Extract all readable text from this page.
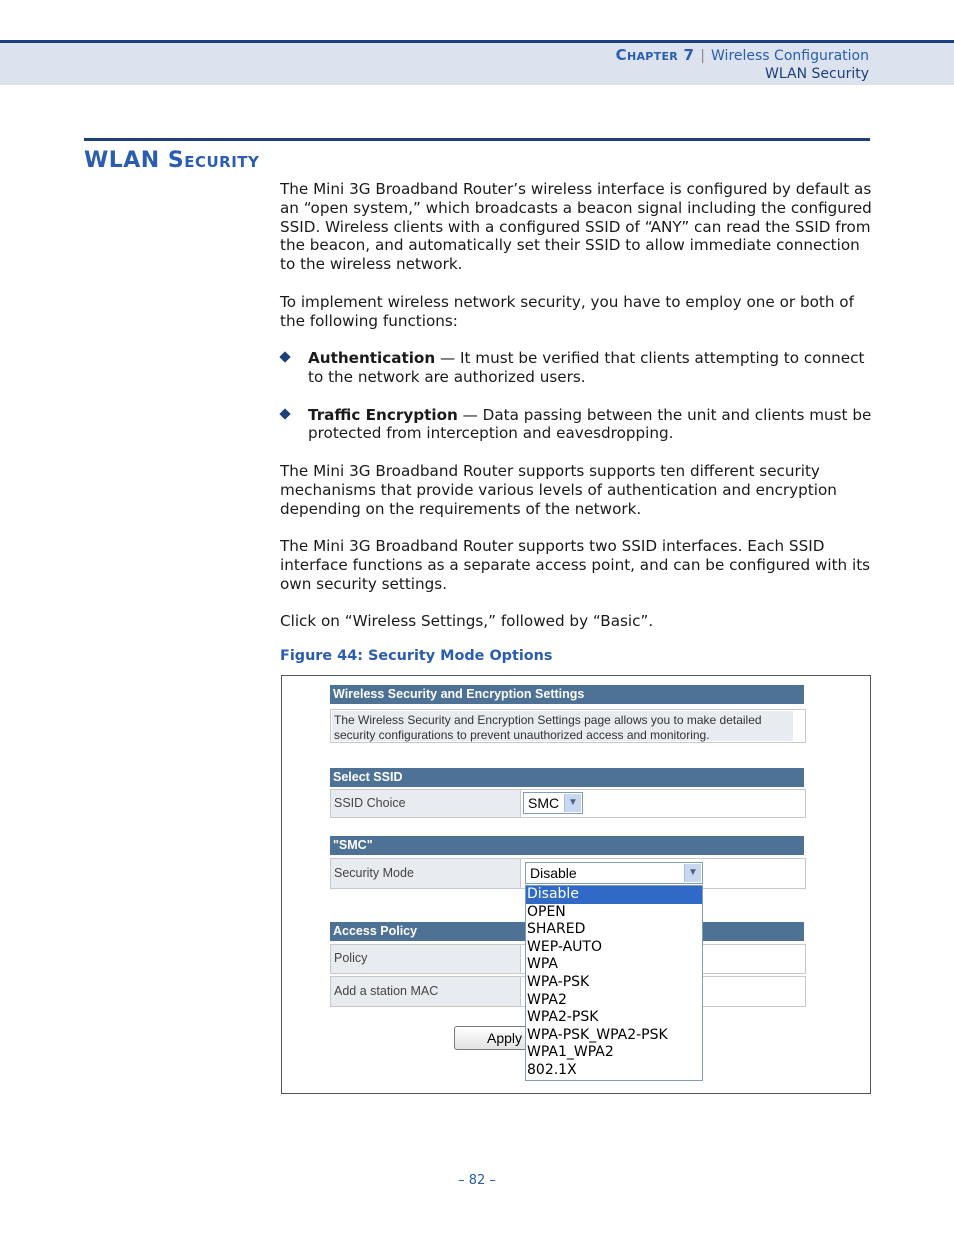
Chapter 7 | Wireless Configuration
WLAN Security
WLAN Security

The Mini 3G Broadband Router’s wireless interface is configured by default as an “open system,” which broadcasts a beacon signal including the configured SSID. Wireless clients with a configured SSID of “ANY” can read the SSID from the beacon, and automatically set their SSID to allow immediate connection to the wireless network.

To implement wireless network security, you have to employ one or both of the following functions:

Authentication — It must be verified that clients attempting to connect to the network are authorized users.
Traffic Encryption — Data passing between the unit and clients must be protected from interception and eavesdropping.

The Mini 3G Broadband Router supports supports ten different security mechanisms that provide various levels of authentication and encryption depending on the requirements of the network.

The Mini 3G Broadband Router supports two SSID interfaces. Each SSID interface functions as a separate access point, and can be configured with its own security settings.

Click on “Wireless Settings,” followed by “Basic”.

Figure 44: Security Mode Options
Wireless Security and Encryption Settings
The Wireless Security and Encryption Settings page allows you to make detailed security configurations to prevent unauthorized access and monitoring.
Select SSID
SSID Choice	SMC ▼
"SMC"
Security Mode	Disable	▼
Access Policy
Policy
Add a station MAC
Apply
Disable
OPEN
SHARED
WEP-AUTO
WPA
WPA-PSK
WPA2
WPA2-PSK
WPA-PSK_WPA2-PSK
WPA1_WPA2
802.1X
– 82 –
